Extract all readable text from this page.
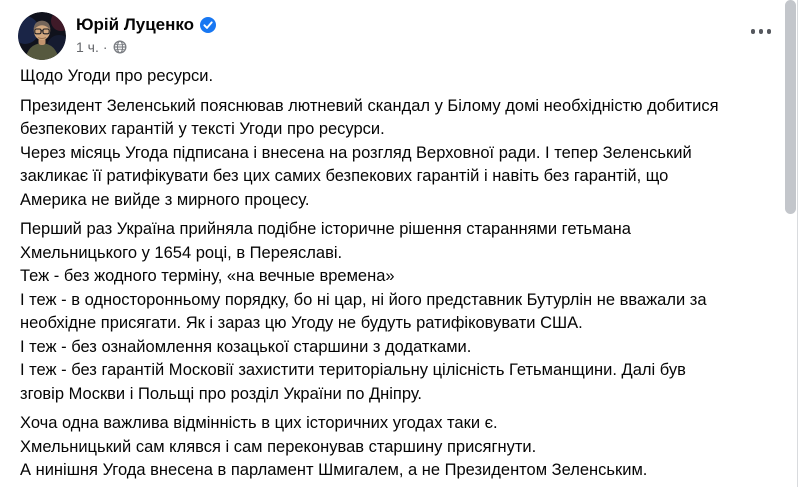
Юрій Луценко
1 ч. ·

Щодо Угоди про ресурси.

Президент Зеленський пояснював лютневий скандал у Білому домі необхідністю добитися
безпекових гарантій у тексті Угоди про ресурси.
Через місяць Угода підписана і внесена на розгляд Верховної ради. І тепер Зеленський
закликає її ратифікувати без цих самих безпекових гарантій і навіть без гарантій, що
Америка не вийде з мирного процесу.

Перший раз Україна прийняла подібне історичне рішення стараннями гетьмана
Хмельницького у 1654 році, в Переяславі.
Теж - без жодного терміну, «на вечные времена»
І теж - в односторонньому порядку, бо ні цар, ні його представник Бутурлін не вважали за
необхідне присягати. Як і зараз цю Угоду не будуть ратифіковувати США.
І теж - без ознайомлення козацької старшини з додатками.
І теж - без гарантій Московії захистити територіальну цілісність Гетьманщини. Далі був
зговір Москви і Польщі про розділ України по Дніпру.

Хоча одна важлива відмінність в цих історичних угодах таки є.
Хмельницький сам клявся і сам переконував старшину присягнути.
А нинішня Угода внесена в парламент Шмигалем, а не Президентом Зеленським.
